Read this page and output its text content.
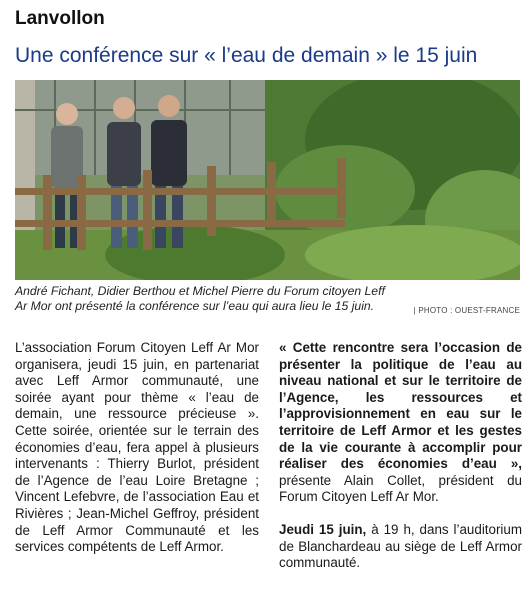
Lanvollon
Une conférence sur « l’eau de demain » le 15 juin
André Fichant, Didier Berthou et Michel Pierre du Forum citoyen Leff Ar Mor ont présenté la conférence sur l’eau qui aura lieu le 15 juin.	| PHOTO : OUEST-FRANCE

L’association Forum Citoyen Leff Ar Mor organisera, jeudi 15 juin, en partenariat avec Leff Armor communauté, une soirée ayant pour thème « l’eau de demain, une ressource précieuse ». Cette soirée, orientée sur le terrain des économies d’eau, fera appel à plusieurs intervenants : Thierry Burlot, président de l’Agence de l’eau Loire Bretagne ; Vincent Lefebvre, de l’association Eau et Rivières ; Jean-Michel Geffroy, président de Leff Armor Communauté et les services compétents de Leff Armor.

« Cette rencontre sera l’occasion de présenter la politique de l’eau au niveau national et sur le territoire de l’Agence, les ressources et l’approvisionnement en eau sur le territoire de Leff Armor et les gestes de la vie courante à accomplir pour réaliser des économies d’eau », présente Alain Collet, président du Forum Citoyen Leff Ar Mor.

Jeudi 15 juin, à 19 h, dans l’auditorium de Blanchardeau au siège de Leff Armor communauté.
